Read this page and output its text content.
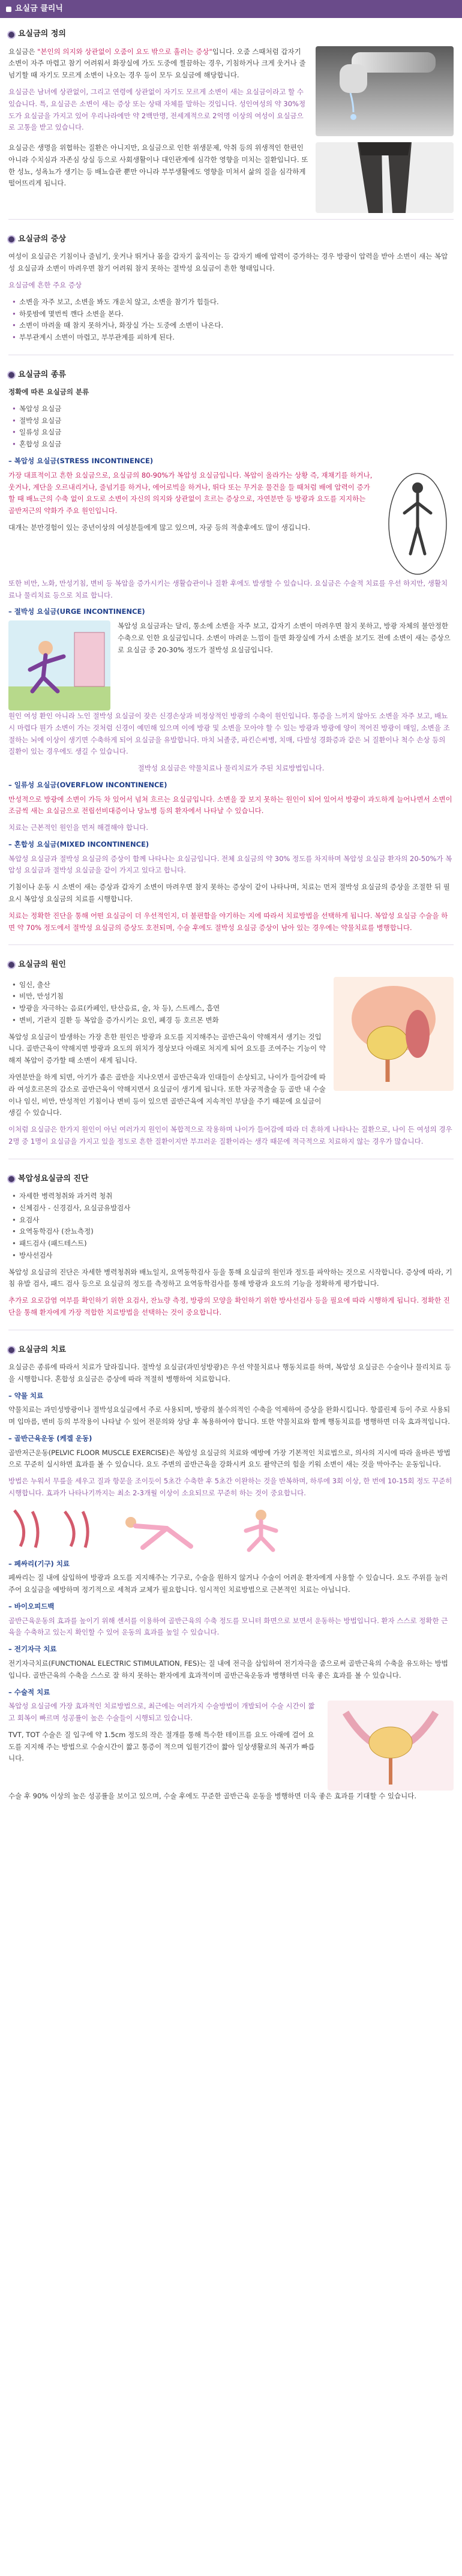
요실금 클리닉
요실금의 정의

요실금은 "본인의 의지와 상관없이 오줌이 요도 밖으로 흘러는 증상"입니다. 오줌 스때처럼 갑자기 소변이 자주 마렵고 참기 어려워서 화장실에 가도 도중에 찔끔하는 경우, 기침하거나 크게 웃거나 줄넘기할 때 자기도 모르게 소변이 나오는 경우 등이 모두 요실금에 해당합니다.

요실금은 남녀에 상관없이, 그리고 연령에 상관없이 자기도 모르게 소변이 새는 요실금이라고 할 수 있습니다. 특, 요실금은 소변이 새는 증상 또는 상태 자체를 말하는 것입니다. 성인여성의 약 30%정도가 요실금을 가지고 있어 우리나라에만 약 2백만명, 전세계적으로 2억명 이상의 여성이 요실금으로 고통을 받고 있습니다.

요실금은 생명을 위협하는 질환은 아니지만, 요실금으로 인한 위생문제, 악취 등의 위생적인 한편인 아니라 수치심과 자존심 상실 등으로 사회생활이나 대인관계에 심각한 영향을 미치는 질환입니다. 또한 성뇨, 성욕뇨가 생기는 등 배뇨습관 뿐만 아니라 부부생활에도 영향을 미쳐서 삶의 질을 심각하게 떨어뜨리게 됩니다.

요실금의 증상

여성이 요실금은 기침이나 줄넘기, 웃거나 뛰거나 몸을 갑자기 움직이는 등 갑자기 배에 압력이 증가하는 경우 방광이 압력을 받아 소변이 새는 복압성 요실금과 소변이 마려우면 참기 어려워 참지 못하는 절박성 요실금이 흔한 형태입니다.

요실금에 흔한 주요 증상

• 소변을 자주 보고, 소변을 봐도 개운치 않고, 소변을 참기가 힘들다.
• 하룻밤에 몇번씩 깬다 소변을 본다.
• 소변이 마려울 때 참지 못하거나, 화장실 가는 도중에 소변이 나온다.
• 부부관계시 소변이 마렵고, 부부관계를 피하게 된다.
요실금의 종류

정확에 따른 요실금의 분류

• 복압성 요실금
• 절박성 요실금
• 일류성 요실금
• 혼합성 요실금

– 복압성 요실금(STRESS INCONTINENCE)

가장 대표적이고 흔한 요실금으로, 요실금의 80-90%가 복압성 요실금입니다. 복압이 올라가는 상황 즉, 재채기를 하거나, 웃거나, 계단을 오르내리거나, 줄넘기를 하거나, 에어로빅을 하거나, 뛰다 또는 무거운 물건을 들 때처럼 배에 압력이 증가할 때 배뇨근의 수축 없이 요도로 소변이 자신의 의지와 상관없이 흐르는 증상으로, 자연분만 등 방광과 요도를 지지하는 골반저근의 약화가 주요 원인입니다.

대개는 분만경험이 있는 중년이상의 여성분들에게 많고 있으며, 자궁 등의 적출후에도 많이 생깁니다.

또한 비만, 노화, 만성기침, 변비 등 복압을 증가시키는 생활습관이나 질환 후에도 발생할 수 있습니다. 요실금은 수술적 치료를 우선 하지만, 생활치료나 물리치료 등으로 치료 합니다.

– 절박성 요실금(URGE INCONTINENCE)

복압성 요실금과는 달리, 통소에 소변을 자주 보고, 갑자기 소변이 마려우면 참지 못하고, 방광 자체의 불안정한 수축으로 인한 요실금입니다. 소변이 마려운 느낌이 들면 화장실에 가서 소변을 보기도 전에 소변이 새는 증상으로 요실금 중 20-30% 정도가 절박성 요실금입니다.

원인 여성 환인 아니라 노인 절박성 요실금이 잦은 신경손상과 비정상적인 방광의 수축이 원인입니다. 통증을 느끼지 않아도 소변을 자주 보고, 배뇨 시 마렵다 뭔가 소변이 가는 것처럼 신경이 예민해 있으며 이에 방광 및 소변을 모아야 할 수 있는 방광과 방광에 양이 적어진 방광이 매일, 소변을 조절하는 뇌에 이상이 생기면 수축하게 되어 요실금을 유발합니다. 마치 뇌졸중, 파킨슨씨병, 치매, 다발성 경화증과 같은 뇌 질환이나 척수 손상 등의 질환이 있는 경우에도 생길 수 있습니다.

절박성 요실금은 약물치료나 물리치료가 주된 치료방법입니다.

– 일류성 요실금(OVERFLOW INCONTINENCE)

만성적으로 방광에 소변이 가득 차 있어서 넘쳐 흐르는 요실금입니다. 소변을 잘 보지 못하는 원인이 되어 있어서 방광이 과도하게 늘어나면서 소변이 조금씩 새는 요실금으로 전립선비대증이나 당뇨병 등의 환자에서 나타날 수 있습니다.

치료는 근본적인 원인을 먼저 해결해야 합니다.

– 혼합성 요실금(MIXED INCONTINENCE)

복압성 요실금과 절박성 요실금의 증상이 함께 나타나는 요실금입니다. 전체 요실금의 약 30% 정도를 차지하며 복압성 요실금 환자의 20-50%가 복압성 요실금과 절박성 요실금을 같이 가지고 있다고 합니다.

기침이나 운동 시 소변이 새는 증상과 갑자기 소변이 마려우면 참지 못하는 증상이 같이 나타나며, 치료는 먼저 절박성 요실금의 증상을 조절한 뒤 필요시 복압성 요실금의 치료를 시행합니다.

치료는 정확한 진단을 통해 어떤 요실금이 더 우선적인지, 더 불편함을 야기하는 지에 따라서 치료방법을 선택하게 됩니다. 복압성 요실금 수술을 하면 약 70% 정도에서 절박성 요실금의 증상도 호전되며, 수술 후에도 절박성 요실금 증상이 남아 있는 경우에는 약물치료를 병행합니다.

요실금의 원인
• 임신, 출산
• 비만, 만성기침
• 방광을 자극하는 음료(카페인, 탄산음료, 술, 차 등), 스트레스, 흡연
• 변비, 기관지 질환 등 복압을 증가시키는 요인, 폐경 등 호르몬 변화

복압성 요실금이 발생하는 가장 흔한 원인은 방광과 요도를 지지해주는 골반근육이 약해져서 생기는 것입니다. 골반근육이 약해지면 방광과 요도의 위치가 정상보다 아래로 처지게 되어 요도를 조여주는 기능이 약해져 복압이 증가할 때 소변이 새게 됩니다.

자연분만을 하게 되면, 아기가 좁은 골반을 지나오면서 골반근육과 인대들이 손상되고, 나이가 들어감에 따라 여성호르몬의 감소로 골반근육이 약해지면서 요실금이 생기게 됩니다. 또한 자궁적출술 등 골반 내 수술이나 임신, 비만, 만성적인 기침이나 변비 등이 있으면 골반근육에 지속적인 부담을 주기 때문에 요실금이 생길 수 있습니다.

이처럼 요실금은 한가지 원인이 아닌 여러가지 원인이 복합적으로 작용하며 나이가 들어감에 따라 더 흔하게 나타나는 질환으로, 나이 든 여성의 경우 2명 중 1명이 요실금을 가지고 있을 정도로 흔한 질환이지만 부끄러운 질환이라는 생각 때문에 적극적으로 치료하지 않는 경우가 많습니다.

복압성요실금의 진단
• 자세한 병력청취와 과거력 청취
• 신체검사 - 신경검사, 요실금유발검사
• 요검사
• 요역동학검사 (잔뇨측정)
• 패드검사 (패드테스트)
• 방사선검사

복압성 요실금의 진단은 자세한 병력청취와 배뇨일지, 요역동학검사 등을 통해 요실금의 원인과 정도를 파악하는 것으로 시작합니다. 증상에 따라, 기침 유발 검사, 패드 검사 등으로 요실금의 정도를 측정하고 요역동학검사를 통해 방광과 요도의 기능을 정확하게 평가합니다.

추가로 요로감염 여부를 확인하기 위한 요검사, 잔뇨량 측정, 방광의 모양을 확인하기 위한 방사선검사 등을 필요에 따라 시행하게 됩니다. 정확한 진단을 통해 환자에게 가장 적합한 치료방법을 선택하는 것이 중요합니다.

요실금의 치료

요실금은 종류에 따라서 치료가 달라집니다. 절박성 요실금(과민성방광)은 우선 약물치료나 행동치료를 하며, 복압성 요실금은 수술이나 물리치료 등을 시행합니다. 혼합성 요실금은 증상에 따라 적절히 병행하여 치료합니다.

– 약물 치료

약물치료는 과민성방광이나 절박성요실금에서 주로 사용되며, 방광의 불수의적인 수축을 억제하여 증상을 완화시킵니다. 항콜린제 등이 주로 사용되며 입마름, 변비 등의 부작용이 나타날 수 있어 전문의와 상담 후 복용하여야 합니다. 또한 약물치료와 함께 행동치료를 병행하면 더욱 효과적입니다.

– 골반근육운동 (케겔 운동)

골반저근운동(PELVIC FLOOR MUSCLE EXERCISE)은 복압성 요실금의 치료와 예방에 가장 기본적인 치료법으로, 의사의 지시에 따라 올바른 방법으로 꾸준히 실시하면 효과를 볼 수 있습니다. 요도 주변의 골반근육을 강화시켜 요도 괄약근의 힘을 키워 소변이 새는 것을 막아주는 운동입니다.

방법은 누워서 무릎을 세우고 질과 항문을 조이듯이 5초간 수축한 후 5초간 이완하는 것을 반복하며, 하루에 3회 이상, 한 번에 10-15회 정도 꾸준히 시행합니다. 효과가 나타나기까지는 최소 2-3개월 이상이 소요되므로 꾸준히 하는 것이 중요합니다.

– 페싸리(기구) 치료

페싸리는 질 내에 삽입하여 방광과 요도를 지지해주는 기구로, 수술을 원하지 않거나 수술이 어려운 환자에게 사용할 수 있습니다. 요도 주위를 눌러주어 요실금을 예방하며 정기적으로 세척과 교체가 필요합니다. 임시적인 치료방법으로 근본적인 치료는 아닙니다.

– 바이오피드백

골반근육운동의 효과를 높이기 위해 센서를 이용하여 골반근육의 수축 정도를 모니터 화면으로 보면서 운동하는 방법입니다. 환자 스스로 정확한 근육을 수축하고 있는지 확인할 수 있어 운동의 효과를 높일 수 있습니다.

– 전기자극 치료

전기자극치료(FUNCTIONAL ELECTRIC STIMULATION, FES)는 질 내에 전극을 삽입하여 전기자극을 줌으로써 골반근육의 수축을 유도하는 방법입니다. 골반근육의 수축을 스스로 잘 하지 못하는 환자에게 효과적이며 골반근육운동과 병행하면 더욱 좋은 효과를 볼 수 있습니다.

– 수술적 치료

복압성 요실금에 가장 효과적인 치료방법으로, 최근에는 여러가지 수술방법이 개발되어 수술 시간이 짧고 회복이 빠르며 성공률이 높은 수술들이 시행되고 있습니다.

TVT, TOT 수술은 질 입구에 약 1.5cm 정도의 작은 절개를 통해 특수한 테이프를 요도 아래에 걸어 요도를 지지해 주는 방법으로 수술시간이 짧고 통증이 적으며 입원기간이 짧아 일상생활로의 복귀가 빠릅니다.

수술 후 90% 이상의 높은 성공률을 보이고 있으며, 수술 후에도 꾸준한 골반근육 운동을 병행하면 더욱 좋은 효과를 기대할 수 있습니다.
